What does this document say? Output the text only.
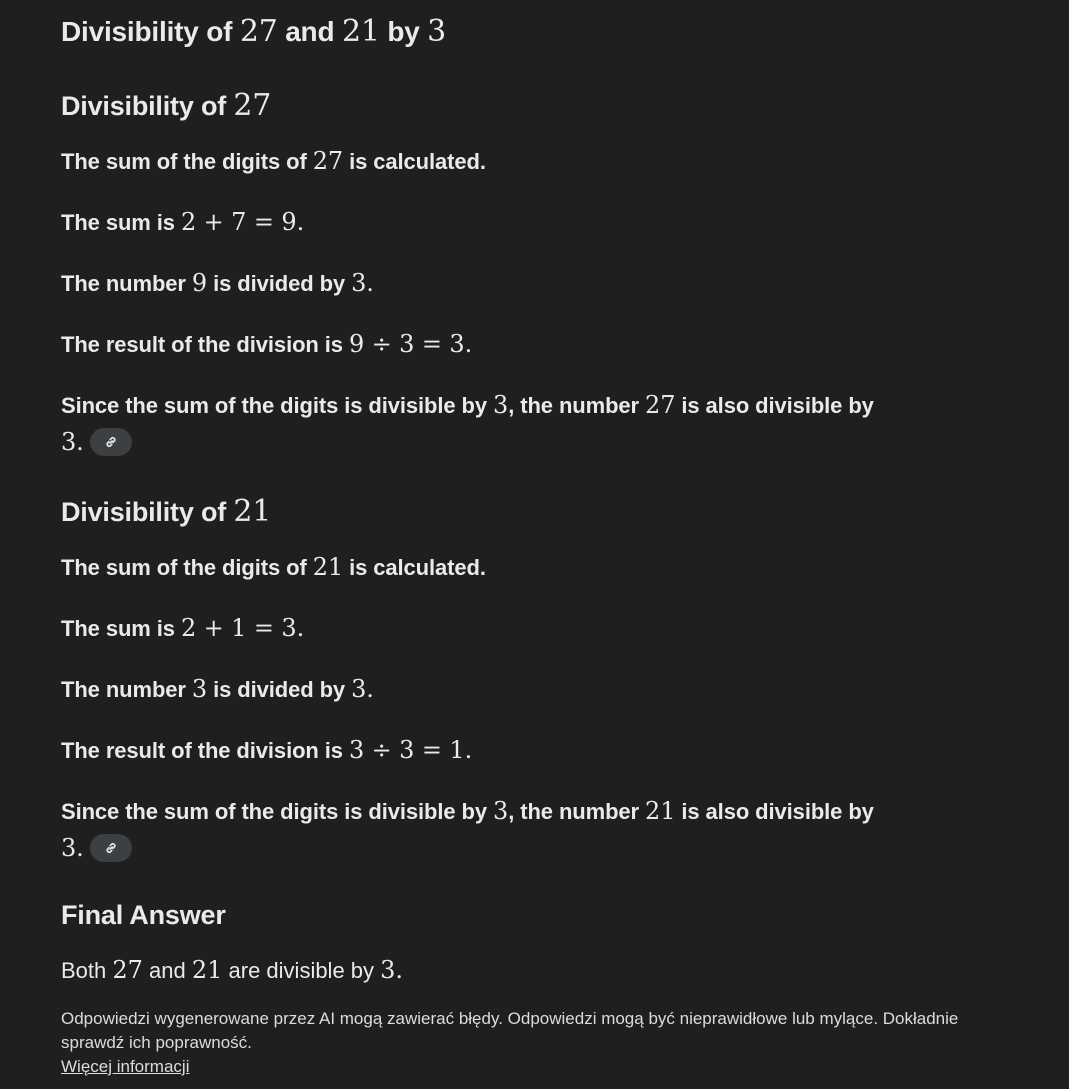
Divisibility of 27 and 21 by 3
Divisibility of 27
The sum of the digits of 27 is calculated.
The sum is 2 + 7 = 9.
The number 9 is divided by 3.
The result of the division is 9 ÷ 3 = 3.
Since the sum of the digits is divisible by 3, the number 27 is also divisible by
3.
Divisibility of 21
The sum of the digits of 21 is calculated.
The sum is 2 + 1 = 3.
The number 3 is divided by 3.
The result of the division is 3 ÷ 3 = 1.
Since the sum of the digits is divisible by 3, the number 21 is also divisible by
3.
Final Answer
Both 27 and 21 are divisible by 3.
Odpowiedzi wygenerowane przez AI mogą zawierać błędy. Odpowiedzi mogą być nieprawidłowe lub mylące. Dokładnie sprawdź ich poprawność.
Więcej informacji
